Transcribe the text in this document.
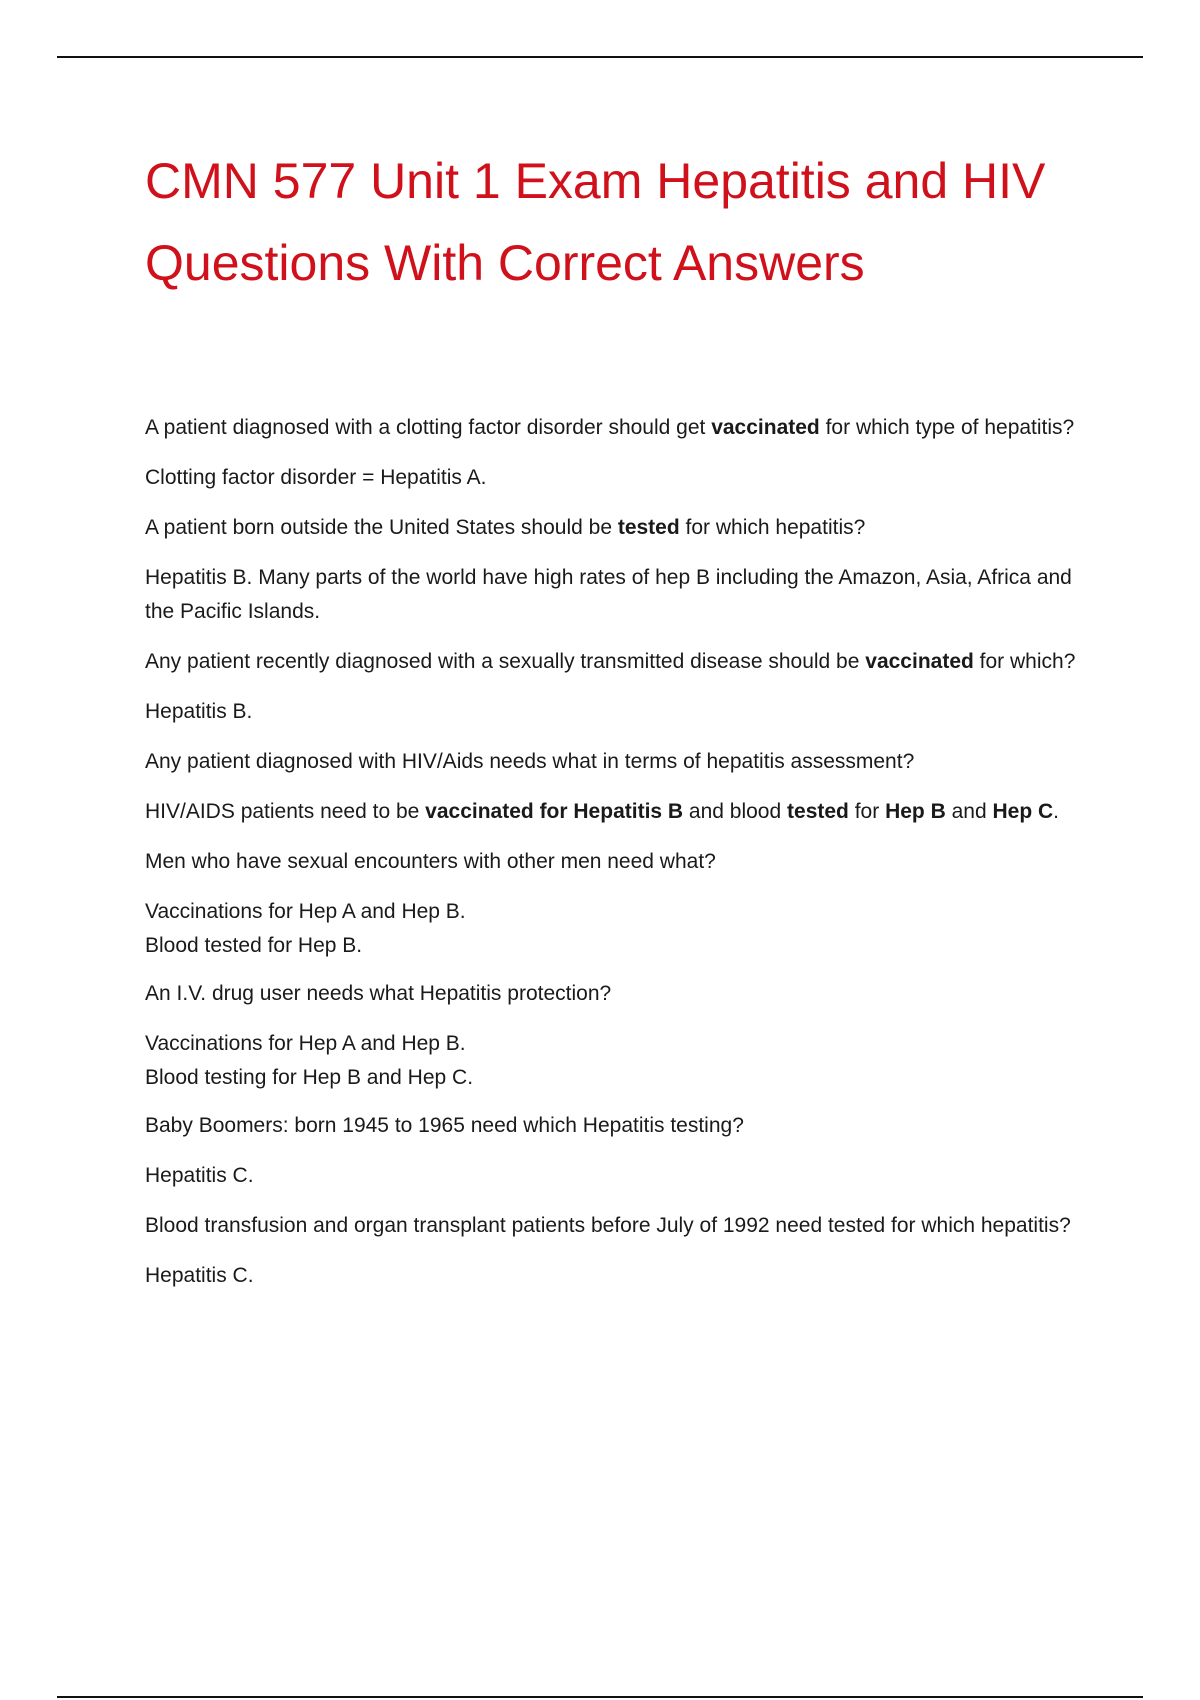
CMN 577 Unit 1 Exam Hepatitis and HIV Questions With Correct Answers

A patient diagnosed with a clotting factor disorder should get vaccinated for which type of hepatitis?

Clotting factor disorder = Hepatitis A.

A patient born outside the United States should be tested for which hepatitis?

Hepatitis B. Many parts of the world have high rates of hep B including the Amazon, Asia, Africa and the Pacific Islands.

Any patient recently diagnosed with a sexually transmitted disease should be vaccinated for which?

Hepatitis B.

Any patient diagnosed with HIV/Aids needs what in terms of hepatitis assessment?

HIV/AIDS patients need to be vaccinated for Hepatitis B and blood tested for Hep B and Hep C.

Men who have sexual encounters with other men need what?

Vaccinations for Hep A and Hep B.
Blood tested for Hep B.

An I.V. drug user needs what Hepatitis protection?

Vaccinations for Hep A and Hep B.
Blood testing for Hep B and Hep C.

Baby Boomers: born 1945 to 1965 need which Hepatitis testing?

Hepatitis C.

Blood transfusion and organ transplant patients before July of 1992 need tested for which hepatitis?

Hepatitis C.
